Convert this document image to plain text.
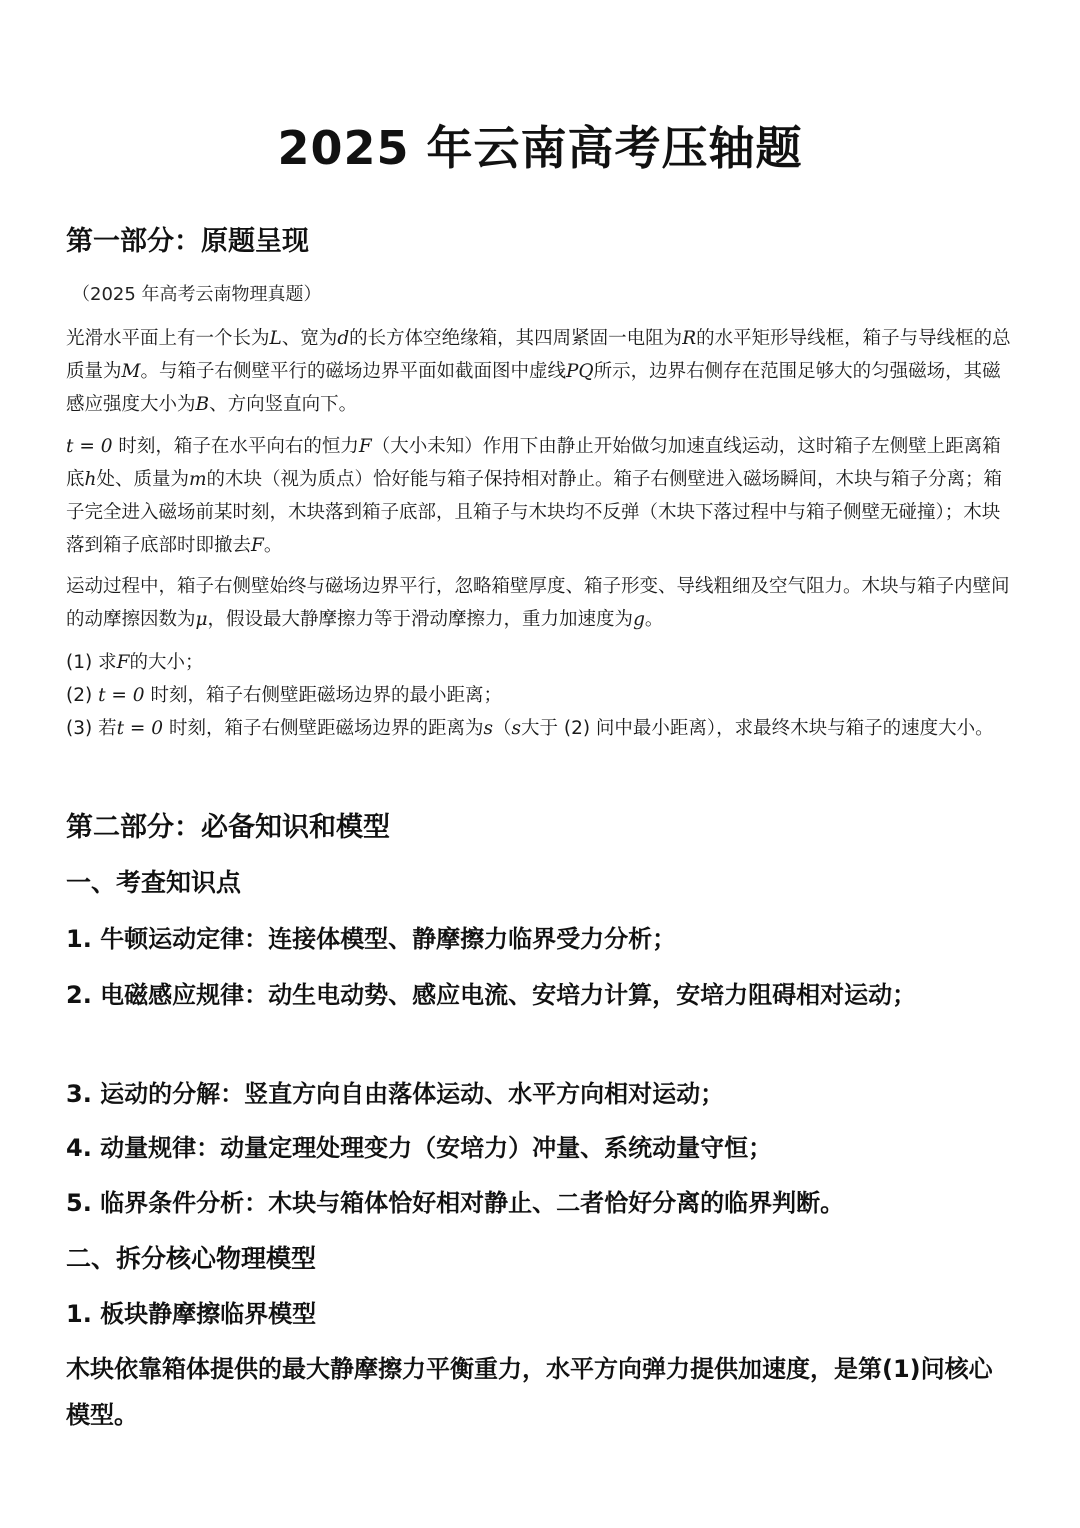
2025 年云南高考压轴题
第一部分：原题呈现
（2025 年高考云南物理真题）
光滑水平面上有一个长为L、宽为d的长方体空绝缘箱，其四周紧固一电阻为R的水平矩形导线框，箱子与导线框的总质量为M。与箱子右侧壁平行的磁场边界平面如截面图中虚线PQ所示，边界右侧存在范围足够大的匀强磁场，其磁感应强度大小为B、方向竖直向下。
t = 0 时刻，箱子在水平向右的恒力F（大小未知）作用下由静止开始做匀加速直线运动，这时箱子左侧壁上距离箱底h处、质量为m的木块（视为质点）恰好能与箱子保持相对静止。箱子右侧壁进入磁场瞬间，木块与箱子分离；箱子完全进入磁场前某时刻，木块落到箱子底部，且箱子与木块均不反弹（木块下落过程中与箱子侧壁无碰撞）；木块落到箱子底部时即撤去F。
运动过程中，箱子右侧壁始终与磁场边界平行，忽略箱壁厚度、箱子形变、导线粗细及空气阻力。木块与箱子内壁间的动摩擦因数为μ，假设最大静摩擦力等于滑动摩擦力，重力加速度为g。
(1) 求F的大小；
(2) t = 0 时刻，箱子右侧壁距磁场边界的最小距离；
(3) 若t = 0 时刻，箱子右侧壁距磁场边界的距离为s（s大于 (2) 问中最小距离），求最终木块与箱子的速度大小。
第二部分：必备知识和模型
一、考查知识点
1. 牛顿运动定律：连接体模型、静摩擦力临界受力分析；
2. 电磁感应规律：动生电动势、感应电流、安培力计算，安培力阻碍相对运动；
3. 运动的分解：竖直方向自由落体运动、水平方向相对运动；
4. 动量规律：动量定理处理变力（安培力）冲量、系统动量守恒；
5. 临界条件分析：木块与箱体恰好相对静止、二者恰好分离的临界判断。
二、拆分核心物理模型
1. 板块静摩擦临界模型
木块依靠箱体提供的最大静摩擦力平衡重力，水平方向弹力提供加速度，是第(1)问核心模型。
